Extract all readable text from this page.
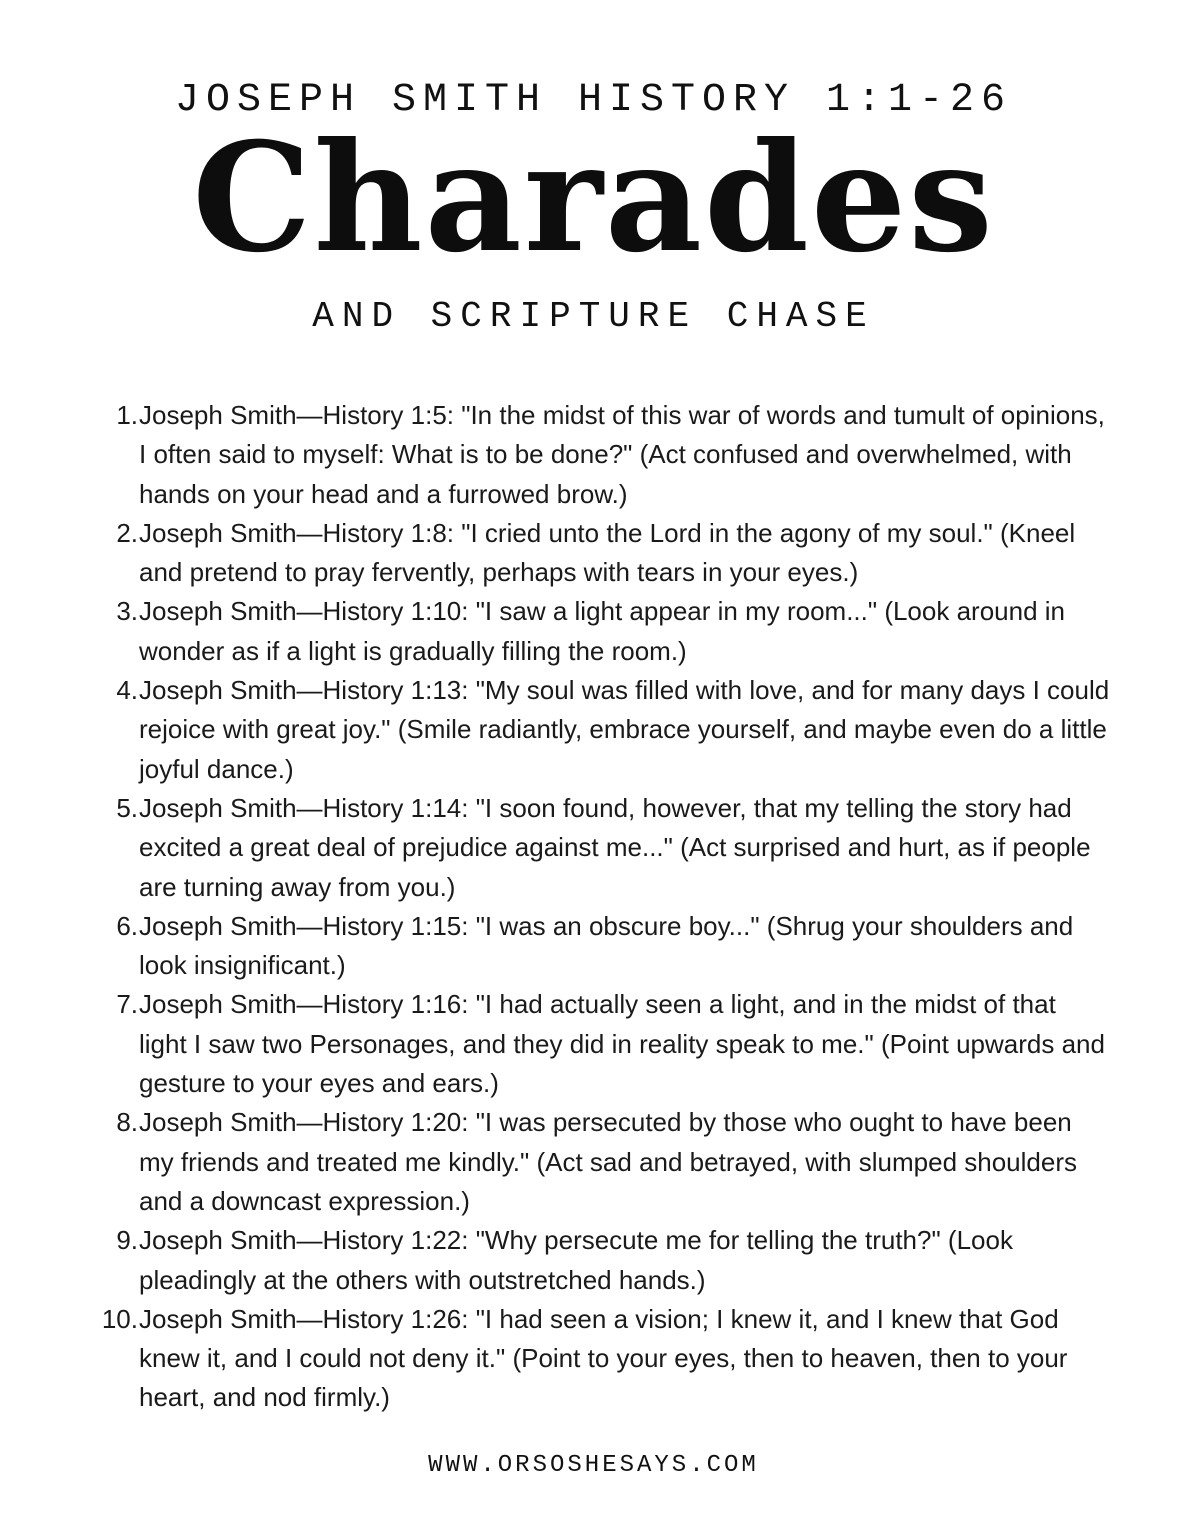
JOSEPH SMITH HISTORY 1:1-26
Charades
AND SCRIPTURE CHASE
1. Joseph Smith—History 1:5: "In the midst of this war of words and tumult of opinions, I often said to myself: What is to be done?" (Act confused and overwhelmed, with hands on your head and a furrowed brow.)
2. Joseph Smith—History 1:8: "I cried unto the Lord in the agony of my soul." (Kneel and pretend to pray fervently, perhaps with tears in your eyes.)
3. Joseph Smith—History 1:10: "I saw a light appear in my room..." (Look around in wonder as if a light is gradually filling the room.)
4. Joseph Smith—History 1:13: "My soul was filled with love, and for many days I could rejoice with great joy." (Smile radiantly, embrace yourself, and maybe even do a little joyful dance.)
5. Joseph Smith—History 1:14: "I soon found, however, that my telling the story had excited a great deal of prejudice against me..." (Act surprised and hurt, as if people are turning away from you.)
6. Joseph Smith—History 1:15: "I was an obscure boy..." (Shrug your shoulders and look insignificant.)
7. Joseph Smith—History 1:16: "I had actually seen a light, and in the midst of that light I saw two Personages, and they did in reality speak to me." (Point upwards and gesture to your eyes and ears.)
8. Joseph Smith—History 1:20: "I was persecuted by those who ought to have been my friends and treated me kindly." (Act sad and betrayed, with slumped shoulders and a downcast expression.)
9. Joseph Smith—History 1:22: "Why persecute me for telling the truth?" (Look pleadingly at the others with outstretched hands.)
10. Joseph Smith—History 1:26: "I had seen a vision; I knew it, and I knew that God knew it, and I could not deny it." (Point to your eyes, then to heaven, then to your heart, and nod firmly.)
WWW.ORSOSHESAYS.COM
